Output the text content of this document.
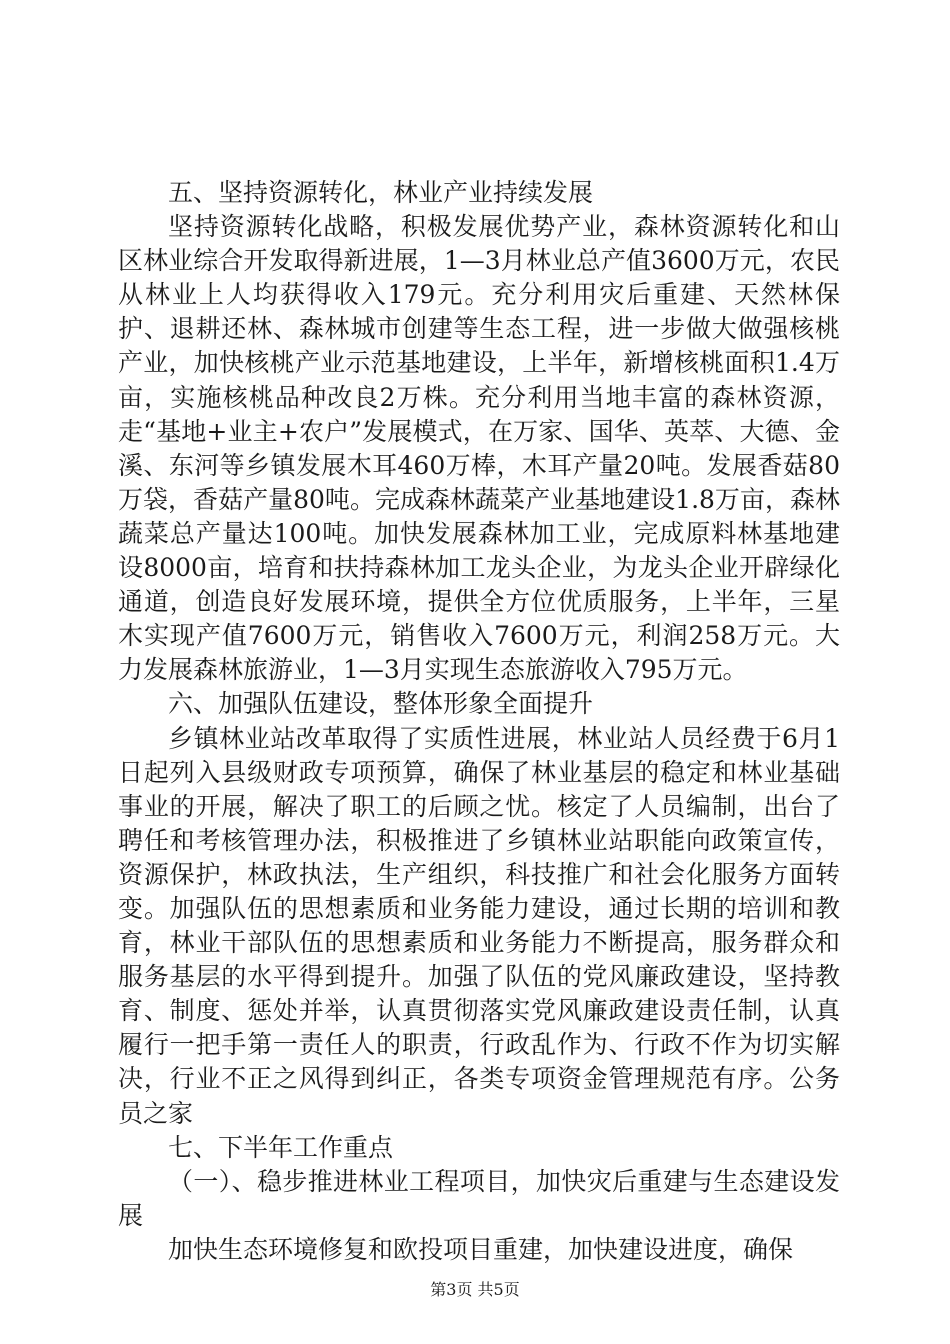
五、坚持资源转化，林业产业持续发展

坚持资源转化战略，积极发展优势产业，森林资源转化和山区林业综合开发取得新进展，1—3月林业总产值3600万元，农民从林业上人均获得收入179元。充分利用灾后重建、天然林保护、退耕还林、森林城市创建等生态工程，进一步做大做强核桃产业，加快核桃产业示范基地建设，上半年，新增核桃面积1.4万亩，实施核桃品种改良2万株。充分利用当地丰富的森林资源，走“基地+业主+农户”发展模式，在万家、国华、英萃、大德、金溪、东河等乡镇发展木耳460万棒，木耳产量20吨。发展香菇80万袋，香菇产量80吨。完成森林蔬菜产业基地建设1.8万亩，森林蔬菜总产量达100吨。加快发展森林加工业，完成原料林基地建设8000亩，培育和扶持森林加工龙头企业，为龙头企业开辟绿化通道，创造良好发展环境，提供全方位优质服务，上半年，三星木实现产值7600万元，销售收入7600万元，利润258万元。大力发展森林旅游业，1—3月实现生态旅游收入795万元。

六、加强队伍建设，整体形象全面提升

乡镇林业站改革取得了实质性进展，林业站人员经费于6月1日起列入县级财政专项预算，确保了林业基层的稳定和林业基础事业的开展，解决了职工的后顾之忧。核定了人员编制，出台了聘任和考核管理办法，积极推进了乡镇林业站职能向政策宣传，资源保护，林政执法，生产组织，科技推广和社会化服务方面转变。加强队伍的思想素质和业务能力建设，通过长期的培训和教育，林业干部队伍的思想素质和业务能力不断提高，服务群众和服务基层的水平得到提升。加强了队伍的党风廉政建设，坚持教育、制度、惩处并举，认真贯彻落实党风廉政建设责任制，认真履行一把手第一责任人的职责，行政乱作为、行政不作为切实解决，行业不正之风得到纠正，各类专项资金管理规范有序。公务员之家

七、下半年工作重点

（一）、稳步推进林业工程项目，加快灾后重建与生态建设发展

加快生态环境修复和欧投项目重建，加快建设进度，确保

第3页 共5页
